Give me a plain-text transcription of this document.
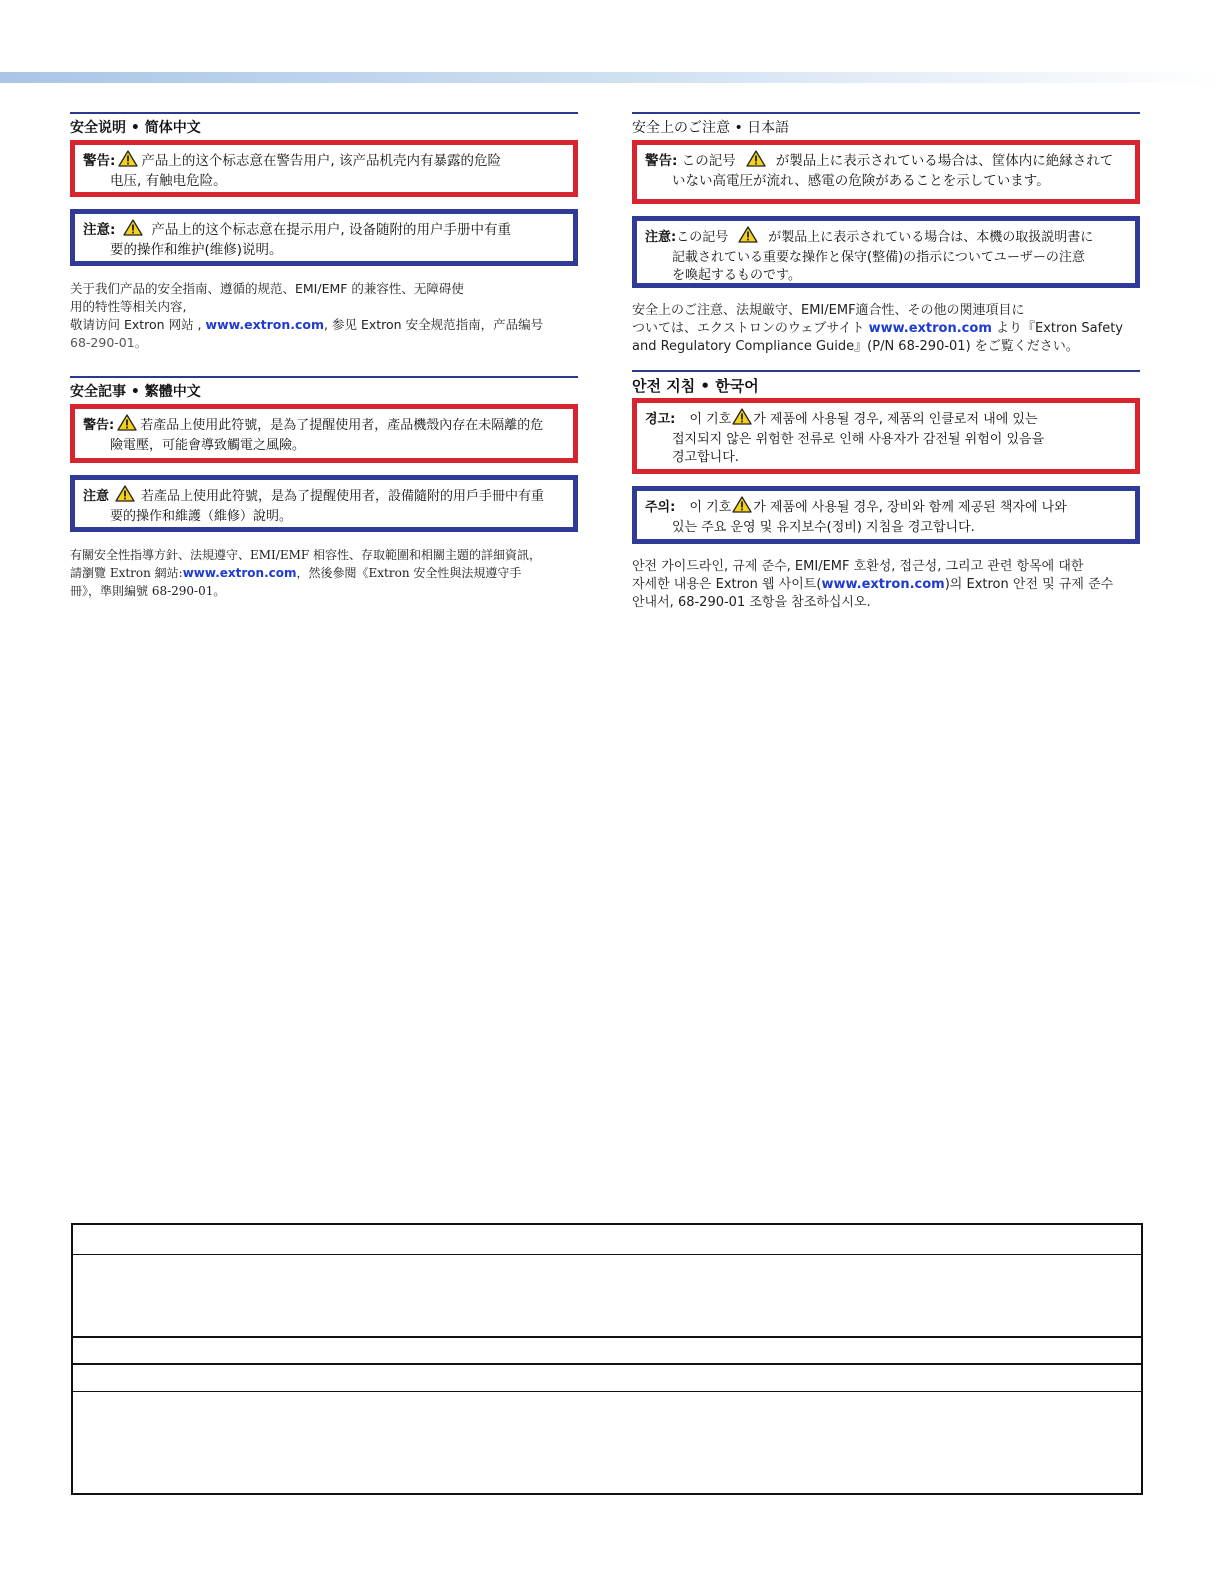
安全说明 • 简体中文
警告: 产品上的这个标志意在警告用户, 该产品机壳内有暴露的危险
电压, 有触电危险。
注意:	产品上的这个标志意在提示用户, 设备随附的用户手册中有重
要的操作和维护(维修)说明。
关于我们产品的安全指南、遵循的规范、EMI/EMF 的兼容性、无障碍使
用的特性等相关内容,
敬请访问 Extron 网站 , www.extron.com, 参见 Extron 安全规范指南，产品编号
68-290-01。
安全記事 • 繁體中文
警告: 若產品上使用此符號，是為了提醒使用者，產品機殼內存在未隔離的危
險電壓，可能會導致觸電之風險。
注意 若產品上使用此符號，是為了提醒使用者，設備隨附的用戶手冊中有重
要的操作和維護（維修）說明。
有關安全性指導方針、法規遵守、EMI/EMF 相容性、存取範圍和相關主題的詳細資訊，
請瀏覽 Extron 網站:www.extron.com，然後參閱《Extron 安全性與法規遵守手
冊》，準則編號 68-290-01。
安全上のご注意 • 日本語
警告: この記号	が製品上に表示されている場合は、筐体内に絶縁されて
いない高電圧が流れ、感電の危険があることを示しています。
注意:この記号	が製品上に表示されている場合は、本機の取扱説明書に
記載されている重要な操作と保守(整備)の指示についてユーザーの注意
を喚起するものです。
安全上のご注意、法規厳守、EMI/EMF適合性、その他の関連項目に
ついては、エクストロンのウェブサイト www.extron.com より『Extron Safety
and Regulatory Compliance Guide』(P/N 68-290-01) をご覧ください。
안전 지침 • 한국어
경고: 이 기호 가 제품에 사용될 경우, 제품의 인클로저 내에 있는
접지되지 않은 위험한 전류로 인해 사용자가 감전될 위험이 있음을
경고합니다.
주의: 이 기호 가 제품에 사용될 경우, 장비와 함께 제공된 책자에 나와
있는 주요 운영 및 유지보수(정비) 지침을 경고합니다.
안전 가이드라인, 규제 준수, EMI/EMF 호환성, 접근성, 그리고 관련 항목에 대한
자세한 내용은 Extron 웹 사이트(www.extron.com)의 Extron 안전 및 규제 준수
안내서, 68-290-01 조항을 참조하십시오.
